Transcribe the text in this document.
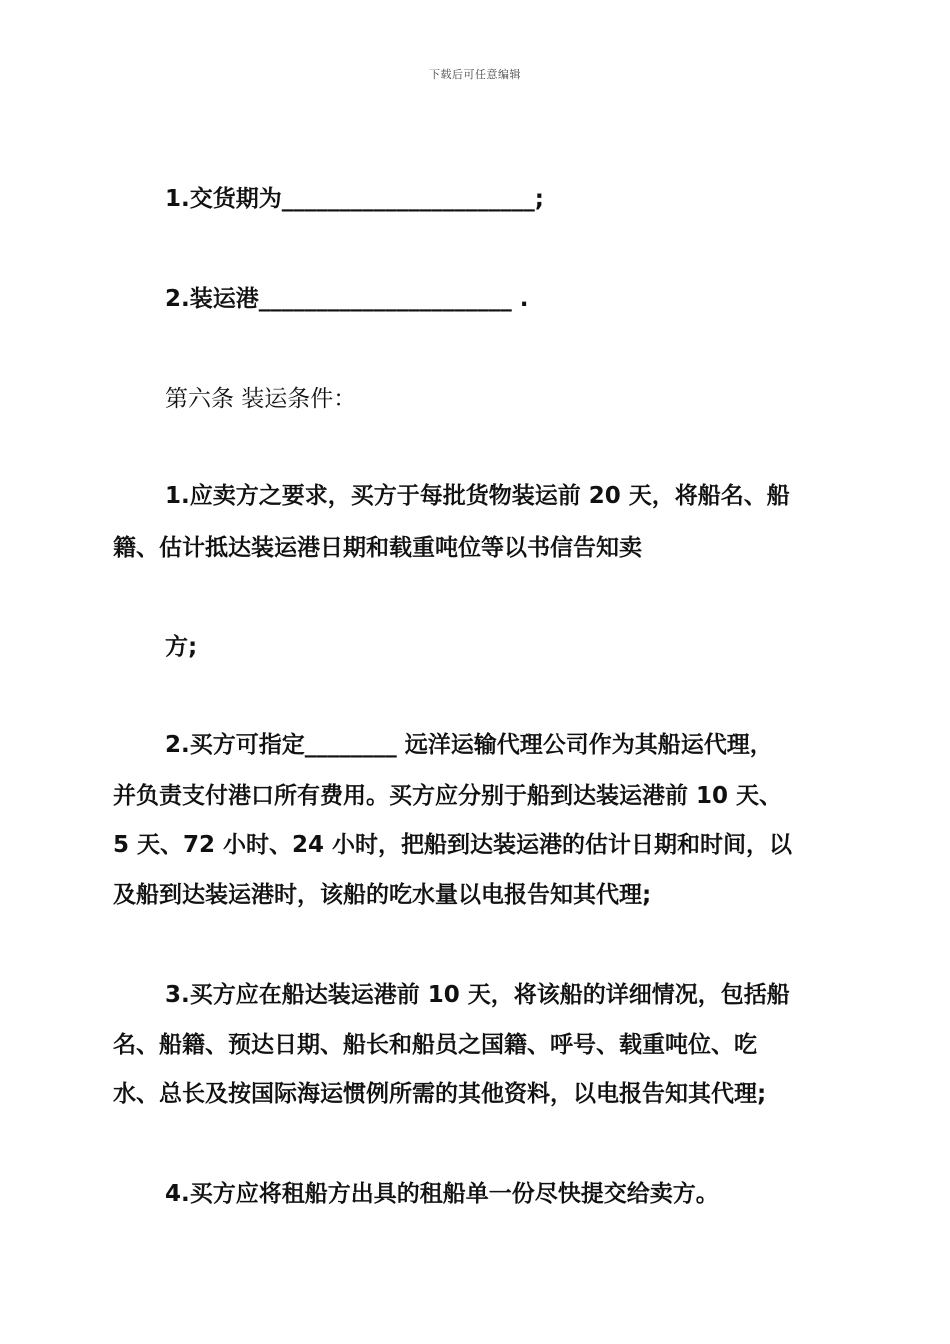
下载后可任意编辑
1.交货期为______________________;
2.装运港______________________ .
第六条 装运条件：
1.应卖方之要求，买方于每批货物装运前 20 天，将船名、船
籍、估计抵达装运港日期和载重吨位等以书信告知卖
方;
2.买方可指定________ 远洋运输代理公司作为其船运代理，
并负责支付港口所有费用。买方应分别于船到达装运港前 10 天、
5 天、72 小时、24 小时，把船到达装运港的估计日期和时间，以
及船到达装运港时，该船的吃水量以电报告知其代理;
3.买方应在船达装运港前 10 天，将该船的详细情况，包括船
名、船籍、预达日期、船长和船员之国籍、呼号、载重吨位、吃
水、总长及按国际海运惯例所需的其他资料，以电报告知其代理;
4.买方应将租船方出具的租船单一份尽快提交给卖方。
